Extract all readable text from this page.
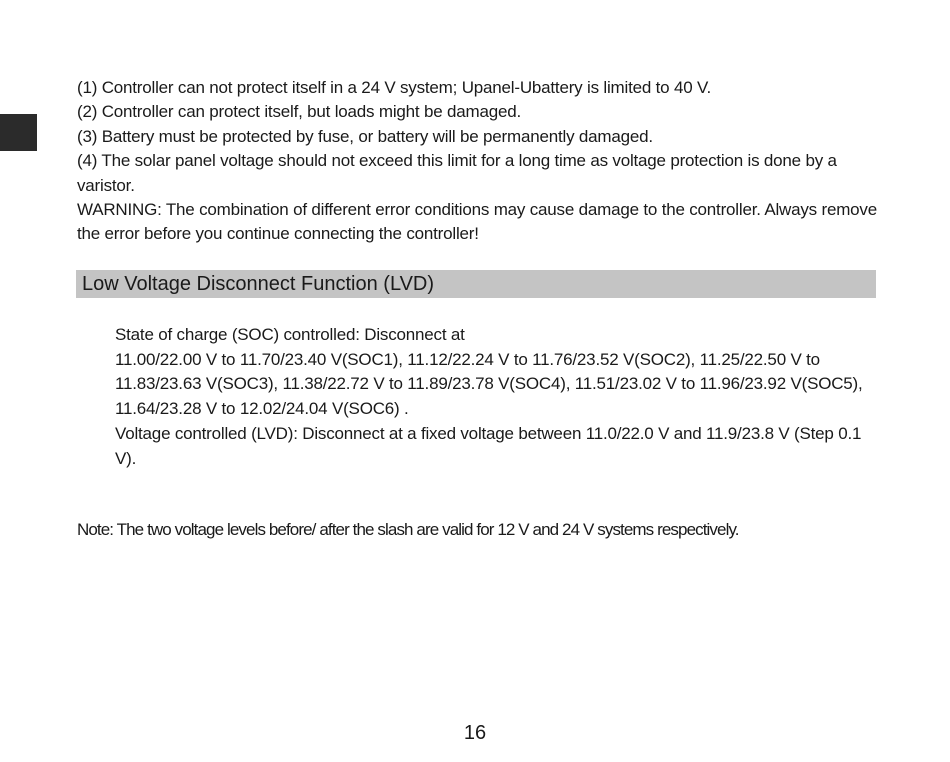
(1) Controller can not protect itself in a 24 V system; Upanel-Ubattery is limited to 40 V.

(2) Controller can protect itself, but loads might be damaged.

(3) Battery must be protected by fuse, or battery will be permanently damaged.

(4) The solar panel voltage should not exceed this limit for a long time as voltage protection is done by a varistor.

WARNING: The combination of different error conditions may cause damage to the controller. Always remove the error before you continue connecting the controller!

Low Voltage Disconnect Function (LVD)

State of charge (SOC) controlled: Disconnect at

11.00/22.00 V to 11.70/23.40 V(SOC1), 11.12/22.24 V to 11.76/23.52 V(SOC2), 11.25/22.50 V to 11.83/23.63 V(SOC3), 11.38/22.72 V to 11.89/23.78 V(SOC4), 11.51/23.02 V to 11.96/23.92 V(SOC5), 11.64/23.28 V to 12.02/24.04 V(SOC6) .

Voltage controlled (LVD): Disconnect at a fixed voltage between 11.0/22.0 V and 11.9/23.8 V (Step 0.1 V).

Note: The two voltage levels before/ after the slash are valid for 12 V and 24 V systems respectively.
16
